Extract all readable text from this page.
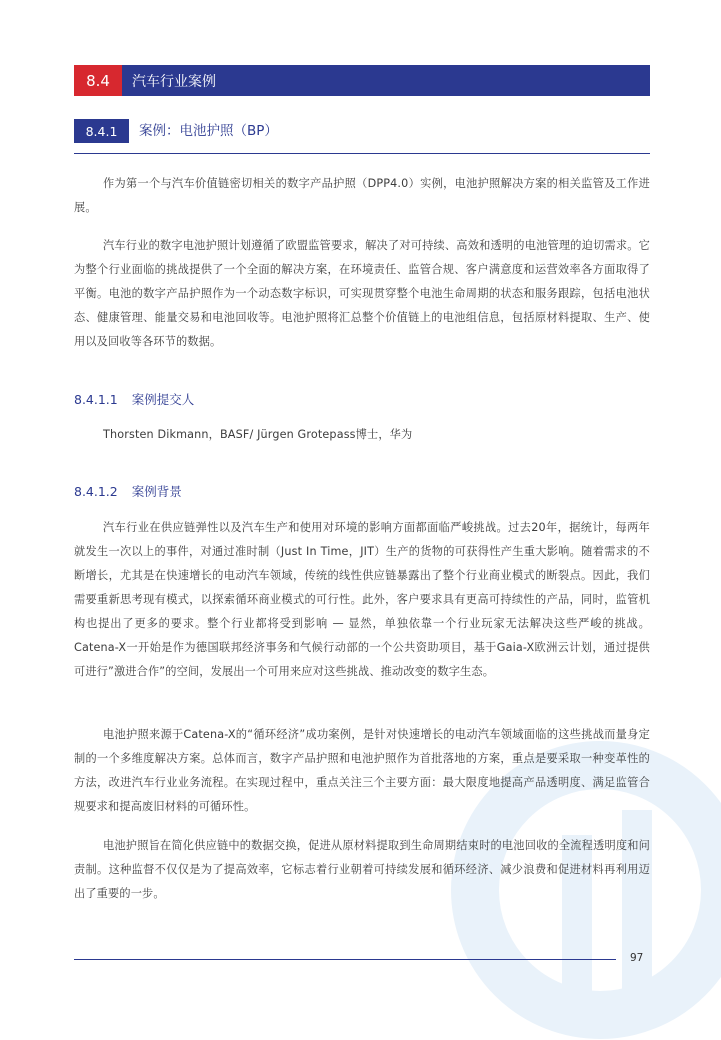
8.4	汽车行业案例
8.4.1	案例：电池护照（BP）

作为第一个与汽车价值链密切相关的数字产品护照（DPP4.0）实例，电池护照解决方案的相关监管及工作进展。

汽车行业的数字电池护照计划遵循了欧盟监管要求，解决了对可持续、高效和透明的电池管理的迫切需求。它为整个行业面临的挑战提供了一个全面的解决方案，在环境责任、监管合规、客户满意度和运营效率各方面取得了平衡。电池的数字产品护照作为一个动态数字标识，可实现贯穿整个电池生命周期的状态和服务跟踪，包括电池状态、健康管理、能量交易和电池回收等。电池护照将汇总整个价值链上的电池组信息，包括原材料提取、生产、使用以及回收等各环节的数据。

8.4.1.1 案例提交人

Thorsten Dikmann，BASF/ Jürgen Grotepass博士，华为

8.4.1.2 案例背景

汽车行业在供应链弹性以及汽车生产和使用对环境的影响方面都面临严峻挑战。过去20年，据统计，每两年就发生一次以上的事件，对通过准时制（Just In Time，JIT）生产的货物的可获得性产生重大影响。随着需求的不断增长，尤其是在快速增长的电动汽车领域，传统的线性供应链暴露出了整个行业商业模式的断裂点。因此，我们需要重新思考现有模式，以探索循环商业模式的可行性。此外，客户要求具有更高可持续性的产品，同时，监管机构也提出了更多的要求。整个行业都将受到影响 — 显然，单独依靠一个行业玩家无法解决这些严峻的挑战。Catena-X一开始是作为德国联邦经济事务和气候行动部的一个公共资助项目，基于Gaia-X欧洲云计划，通过提供可进行”激进合作”的空间，发展出一个可用来应对这些挑战、推动改变的数字生态。

电池护照来源于Catena-X的“循环经济”成功案例，是针对快速增长的电动汽车领域面临的这些挑战而量身定制的一个多维度解决方案。总体而言，数字产品护照和电池护照作为首批落地的方案，重点是要采取一种变革性的方法，改进汽车行业业务流程。在实现过程中，重点关注三个主要方面：最大限度地提高产品透明度、满足监管合规要求和提高废旧材料的可循环性。

电池护照旨在简化供应链中的数据交换，促进从原材料提取到生命周期结束时的电池回收的全流程透明度和问责制。这种监督不仅仅是为了提高效率，它标志着行业朝着可持续发展和循环经济、减少浪费和促进材料再利用迈出了重要的一步。

97
